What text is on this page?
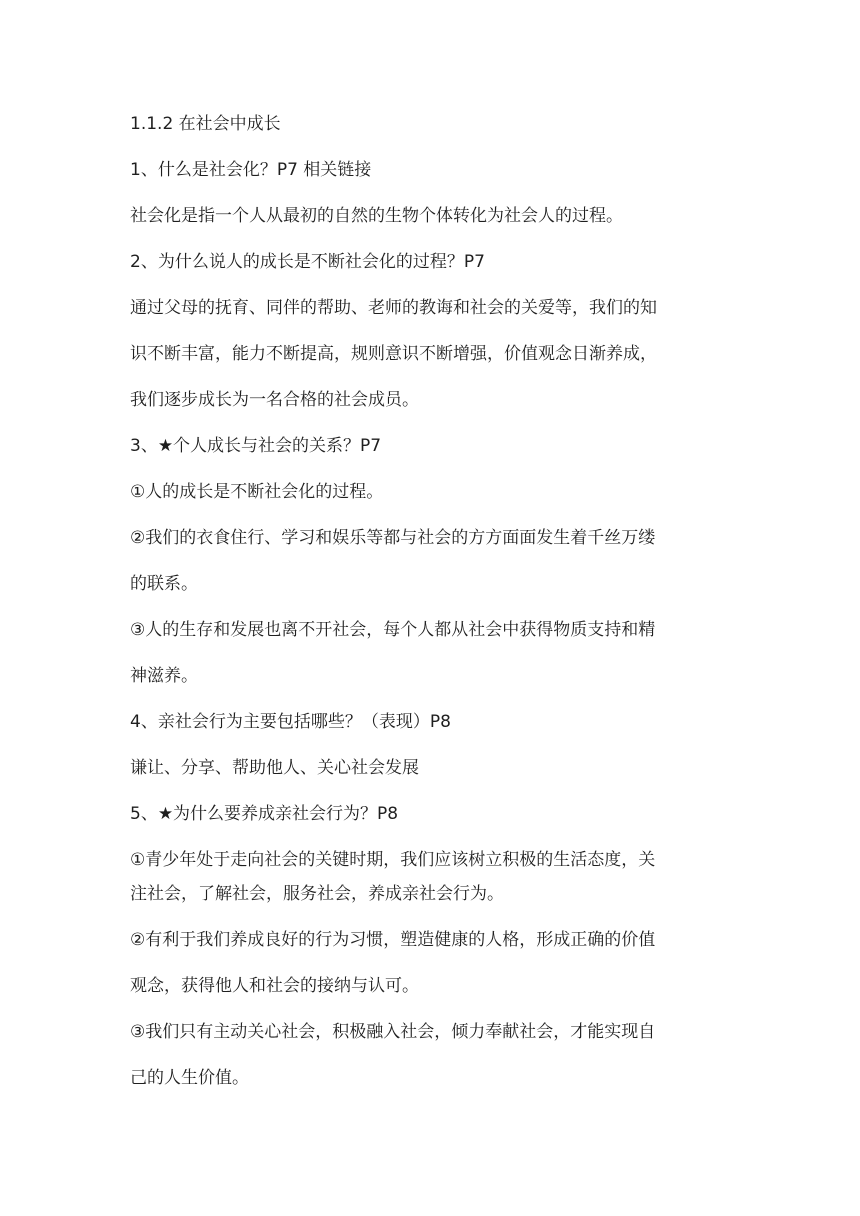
1.1.2 在社会中成长

1、什么是社会化？P7 相关链接

社会化是指一个人从最初的自然的生物个体转化为社会人的过程。

2、为什么说人的成长是不断社会化的过程？P7

通过父母的抚育、同伴的帮助、老师的教诲和社会的关爱等，我们的知

识不断丰富，能力不断提高，规则意识不断增强，价值观念日渐养成，

我们逐步成长为一名合格的社会成员。

3、★个人成长与社会的关系？P7

①人的成长是不断社会化的过程。

②我们的衣食住行、学习和娱乐等都与社会的方方面面发生着千丝万缕

的联系。

③人的生存和发展也离不开社会，每个人都从社会中获得物质支持和精

神滋养。

4、亲社会行为主要包括哪些？（表现）P8

谦让、分享、帮助他人、关心社会发展

5、★为什么要养成亲社会行为？P8

①青少年处于走向社会的关键时期，我们应该树立积极的生活态度，关

注社会，了解社会，服务社会，养成亲社会行为。

②有利于我们养成良好的行为习惯，塑造健康的人格，形成正确的价值

观念，获得他人和社会的接纳与认可。

③我们只有主动关心社会，积极融入社会，倾力奉献社会，才能实现自

己的人生价值。
